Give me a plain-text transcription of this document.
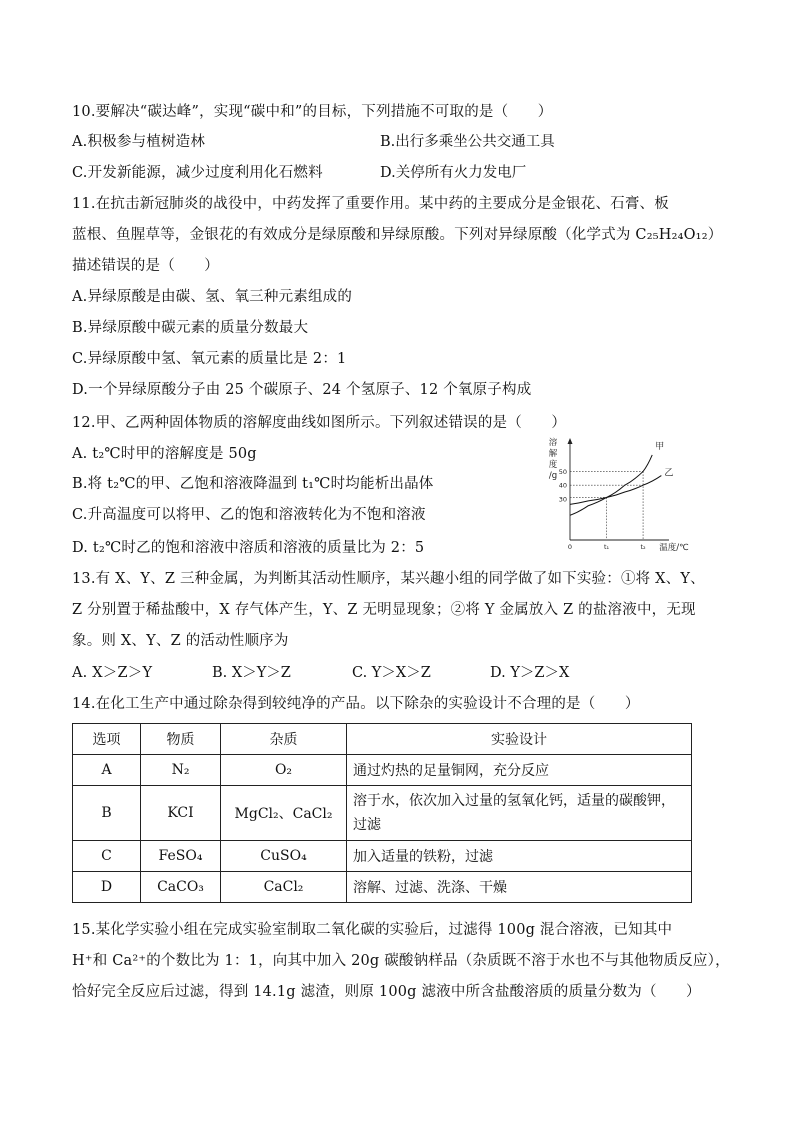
10.要解决“碳达峰”，实现“碳中和”的目标，下列措施不可取的是（　　）
A.积极参与植树造林	B.出行多乘坐公共交通工具
C.开发新能源，减少过度利用化石燃料	D.关停所有火力发电厂
11.在抗击新冠肺炎的战役中，中药发挥了重要作用。某中药的主要成分是金银花、石膏、板
蓝根、鱼腥草等，金银花的有效成分是绿原酸和异绿原酸。下列对异绿原酸（化学式为 C₂₅H₂₄O₁₂）
描述错误的是（　　）
A.异绿原酸是由碳、氢、氧三种元素组成的
B.异绿原酸中碳元素的质量分数最大
C.异绿原酸中氢、氧元素的质量比是 2：1
D.一个异绿原酸分子由 25 个碳原子、24 个氢原子、12 个氧原子构成
12.甲、乙两种固体物质的溶解度曲线如图所示。下列叙述错误的是（　　）
A. t₂℃时甲的溶解度是 50g
B.将 t₂℃的甲、乙饱和溶液降温到 t₁℃时均能析出晶体
C.升高温度可以将甲、乙的饱和溶液转化为不饱和溶液
D. t₂℃时乙的饱和溶液中溶质和溶液的质量比为 2：5
溶
解
度
/g
温度/℃
30
40
50
0	t₁	t₂
甲
乙
13.有 X、Y、Z 三种金属，为判断其活动性顺序，某兴趣小组的同学做了如下实验：①将 X、Y、
Z 分别置于稀盐酸中，X 存气体产生，Y、Z 无明显现象；②将 Y 金属放入 Z 的盐溶液中，无现
象。则 X、Y、Z 的活动性顺序为
A. X＞Z＞Y	B. X＞Y＞Z	C. Y＞X＞Z	D. Y＞Z＞X
14.在化工生产中通过除杂得到较纯净的产品。以下除杂的实验设计不合理的是（　　）
选项	物质	杂质	实验设计
A	N₂	O₂	通过灼热的足量铜网，充分反应
B	KCI	MgCl₂、CaCl₂	溶于水，依次加入过量的氢氧化钙，适量的碳酸钾，过滤
C	FeSO₄	CuSO₄	加入适量的铁粉，过滤
D	CaCO₃	CaCl₂	溶解、过滤、洗涤、干燥
15.某化学实验小组在完成实验室制取二氧化碳的实验后，过滤得 100g 混合溶液，已知其中
H⁺和 Ca²⁺的个数比为 1：1，向其中加入 20g 碳酸钠样品（杂质既不溶于水也不与其他物质反应），
恰好完全反应后过滤，得到 14.1g 滤渣，则原 100g 滤液中所含盐酸溶质的质量分数为（　　）
